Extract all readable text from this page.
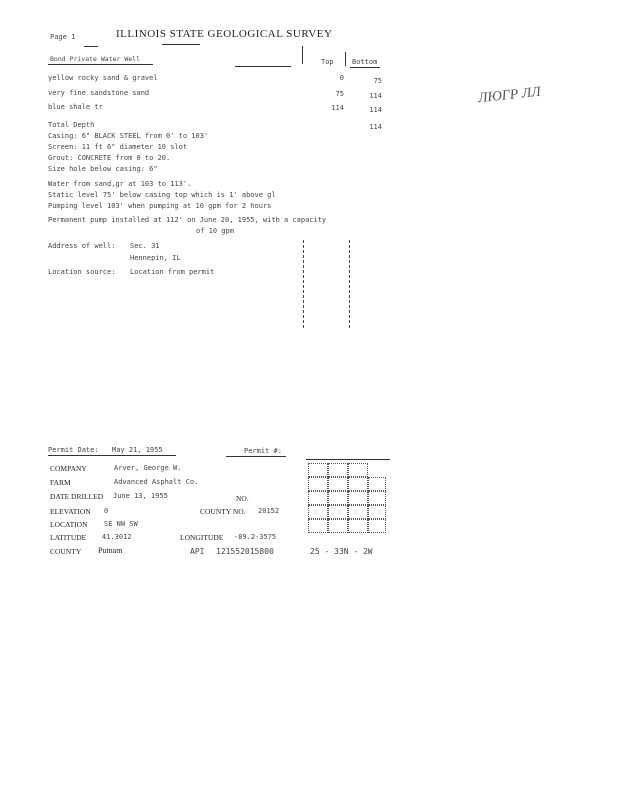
Page 1	ILLINOIS STATE GEOLOGICAL SURVEY
Bond Private Water Well	Top	Bottom
yellow rocky sand & gravel	0	75
very fine sandstone sand	75	114
blue shale tr	114	114
ЛЮГР ЛЛ
Total Depth	114
Casing: 6" BLACK STEEL from 0' to 103'
Screen: 11 ft 6" diameter 10 slot
Grout: CONCRETE from 0 to 20.
Size hole below casing: 6"
Water from sand,gr at 103 to 113'.
Static level 75' below casing top which is 1' above gl
Pumping level 103' when pumping at 10 gpm for 2 hours
Permanent pump installed at 112' on June 20, 1955, with a capacity
of 10 gpm
Address of well: Sec. 31
Hennepin, IL
Location source: Location from permit
Permit Date: May 21, 1955	Permit #:
COMPANY	Arver, George W.
FARM	Advanced Asphalt Co.
DATE DRILLED June 13, 1955	NO.
ELEVATION 0	COUNTY NO. 20152
LOCATION SE NW SW
LATITUDE 41.3012	LONGITUDE -89.2-3575
COUNTY Putnam	API 121552015800	25 - 33N - 2W
